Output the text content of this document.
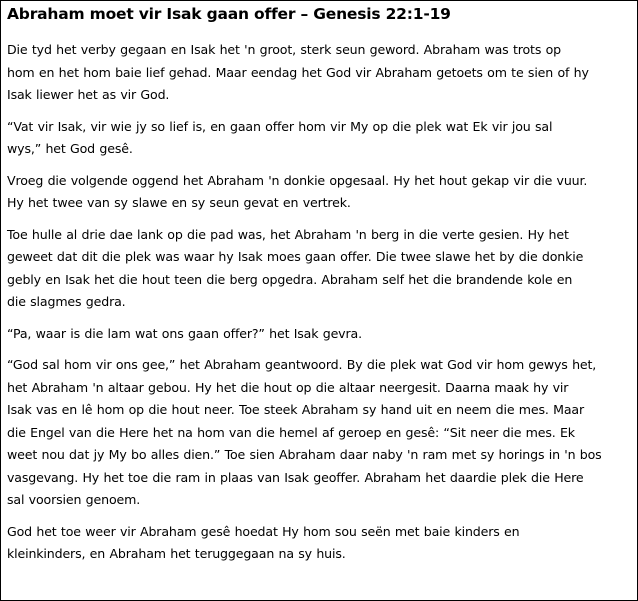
Abraham moet vir Isak gaan offer – Genesis 22:1-19

Die tyd het verby gegaan en Isak het 'n groot, sterk seun geword. Abraham was trots op
hom en het hom baie lief gehad. Maar eendag het God vir Abraham getoets om te sien of hy
Isak liewer het as vir God.

“Vat vir Isak, vir wie jy so lief is, en gaan offer hom vir My op die plek wat Ek vir jou sal
wys,” het God gesê.

Vroeg die volgende oggend het Abraham 'n donkie opgesaal. Hy het hout gekap vir die vuur.
Hy het twee van sy slawe en sy seun gevat en vertrek.

Toe hulle al drie dae lank op die pad was, het Abraham 'n berg in die verte gesien. Hy het
geweet dat dit die plek was waar hy Isak moes gaan offer. Die twee slawe het by die donkie
gebly en Isak het die hout teen die berg opgedra. Abraham self het die brandende kole en
die slagmes gedra.

“Pa, waar is die lam wat ons gaan offer?” het Isak gevra.

“God sal hom vir ons gee,” het Abraham geantwoord. By die plek wat God vir hom gewys het,
het Abraham 'n altaar gebou. Hy het die hout op die altaar neergesit. Daarna maak hy vir
Isak vas en lê hom op die hout neer. Toe steek Abraham sy hand uit en neem die mes. Maar
die Engel van die Here het na hom van die hemel af geroep en gesê: “Sit neer die mes. Ek
weet nou dat jy My bo alles dien.” Toe sien Abraham daar naby 'n ram met sy horings in 'n bos
vasgevang. Hy het toe die ram in plaas van Isak geoffer. Abraham het daardie plek die Here
sal voorsien genoem.

God het toe weer vir Abraham gesê hoedat Hy hom sou seën met baie kinders en
kleinkinders, en Abraham het teruggegaan na sy huis.
